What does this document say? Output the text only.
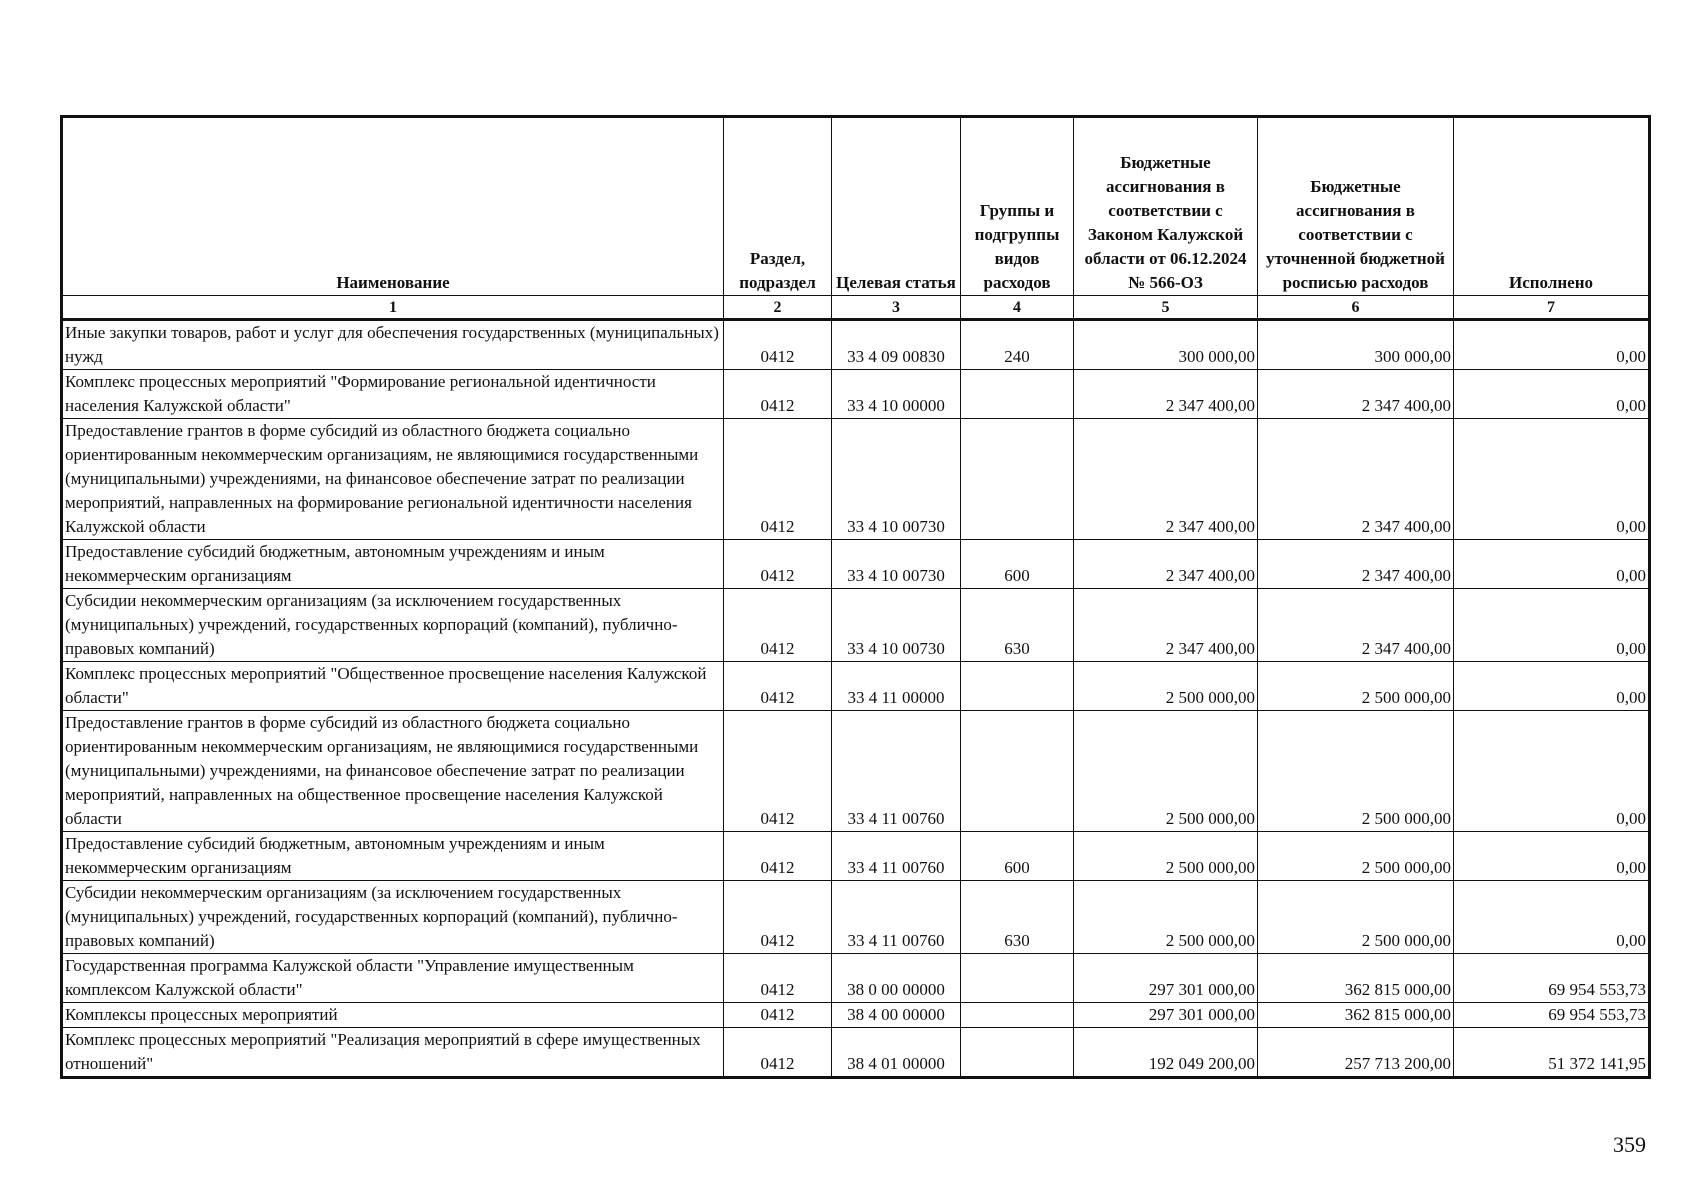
Наименование	Раздел, подраздел	Целевая статья	Группы и подгруппы видов расходов	Бюджетные ассигнования в соответствии с Законом Калужской области от 06.12.2024 № 566-ОЗ	Бюджетные ассигнования в соответствии с уточненной бюджетной росписью расходов	Исполнено
1	2	3	4	5	6	7
Иные закупки товаров, работ и услуг для обеспечения государственных (муниципальных) нужд	0412	33 4 09 00830	240	300 000,00	300 000,00	0,00
Комплекс процессных мероприятий "Формирование региональной идентичности населения Калужской области"	0412	33 4 10 00000		2 347 400,00	2 347 400,00	0,00
Предоставление грантов в форме субсидий из областного бюджета социально ориентированным некоммерческим организациям, не являющимися государственными (муниципальными) учреждениями, на финансовое обеспечение затрат по реализации мероприятий, направленных на формирование региональной идентичности населения Калужской области	0412	33 4 10 00730		2 347 400,00	2 347 400,00	0,00
Предоставление субсидий бюджетным, автономным учреждениям и иным некоммерческим организациям	0412	33 4 10 00730	600	2 347 400,00	2 347 400,00	0,00
Субсидии некоммерческим организациям (за исключением государственных (муниципальных) учреждений, государственных корпораций (компаний), публично-правовых компаний)	0412	33 4 10 00730	630	2 347 400,00	2 347 400,00	0,00
Комплекс процессных мероприятий "Общественное просвещение населения Калужской области"	0412	33 4 11 00000		2 500 000,00	2 500 000,00	0,00
Предоставление грантов в форме субсидий из областного бюджета социально ориентированным некоммерческим организациям, не являющимися государственными (муниципальными) учреждениями, на финансовое обеспечение затрат по реализации мероприятий, направленных на общественное просвещение населения Калужской области	0412	33 4 11 00760		2 500 000,00	2 500 000,00	0,00
Предоставление субсидий бюджетным, автономным учреждениям и иным некоммерческим организациям	0412	33 4 11 00760	600	2 500 000,00	2 500 000,00	0,00
Субсидии некоммерческим организациям (за исключением государственных (муниципальных) учреждений, государственных корпораций (компаний), публично-правовых компаний)	0412	33 4 11 00760	630	2 500 000,00	2 500 000,00	0,00
Государственная программа Калужской области "Управление имущественным комплексом Калужской области"	0412	38 0 00 00000		297 301 000,00	362 815 000,00	69 954 553,73
Комплексы процессных мероприятий	0412	38 4 00 00000		297 301 000,00	362 815 000,00	69 954 553,73
Комплекс процессных мероприятий "Реализация мероприятий в сфере имущественных отношений"	0412	38 4 01 00000		192 049 200,00	257 713 200,00	51 372 141,95
359
